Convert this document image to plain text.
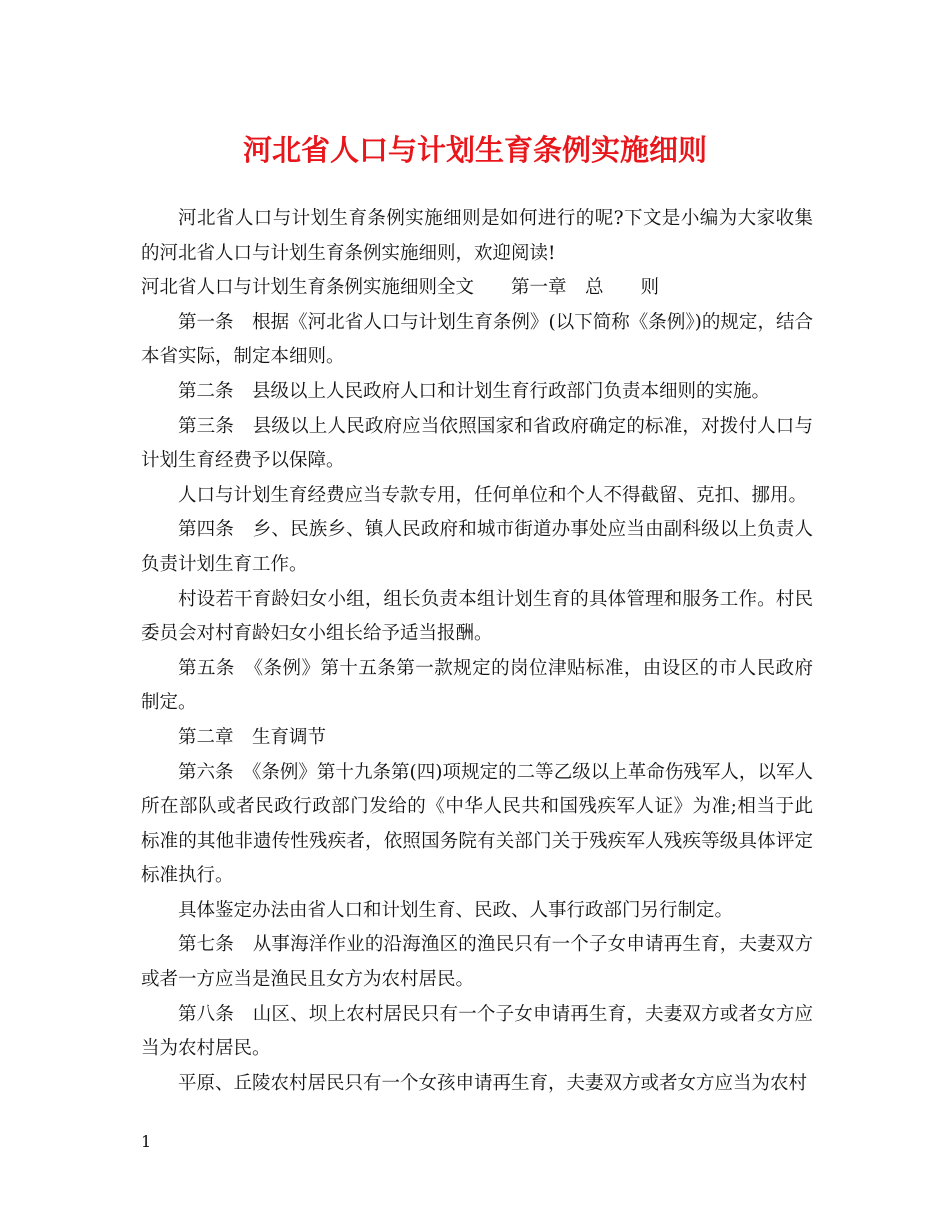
河北省人口与计划生育条例实施细则

河北省人口与计划生育条例实施细则是如何进行的呢?下文是小编为大家收集的河北省人口与计划生育条例实施细则，欢迎阅读!

河北省人口与计划生育条例实施细则全文　　第一章　总　　则

第一条　根据《河北省人口与计划生育条例》(以下简称《条例》)的规定，结合本省实际，制定本细则。

第二条　县级以上人民政府人口和计划生育行政部门负责本细则的实施。

第三条　县级以上人民政府应当依照国家和省政府确定的标准，对拨付人口与计划生育经费予以保障。

人口与计划生育经费应当专款专用，任何单位和个人不得截留、克扣、挪用。

第四条　乡、民族乡、镇人民政府和城市街道办事处应当由副科级以上负责人负责计划生育工作。

村设若干育龄妇女小组，组长负责本组计划生育的具体管理和服务工作。村民委员会对村育龄妇女小组长给予适当报酬。

第五条　《条例》第十五条第一款规定的岗位津贴标准，由设区的市人民政府制定。

第二章　生育调节

第六条　《条例》第十九条第(四)项规定的二等乙级以上革命伤残军人，以军人所在部队或者民政行政部门发给的《中华人民共和国残疾军人证》为准;相当于此标准的其他非遗传性残疾者，依照国务院有关部门关于残疾军人残疾等级具体评定标准执行。

具体鉴定办法由省人口和计划生育、民政、人事行政部门另行制定。

第七条　从事海洋作业的沿海渔区的渔民只有一个子女申请再生育，夫妻双方或者一方应当是渔民且女方为农村居民。

第八条　山区、坝上农村居民只有一个子女申请再生育，夫妻双方或者女方应当为农村居民。

平原、丘陵农村居民只有一个女孩申请再生育，夫妻双方或者女方应当为农村

1
